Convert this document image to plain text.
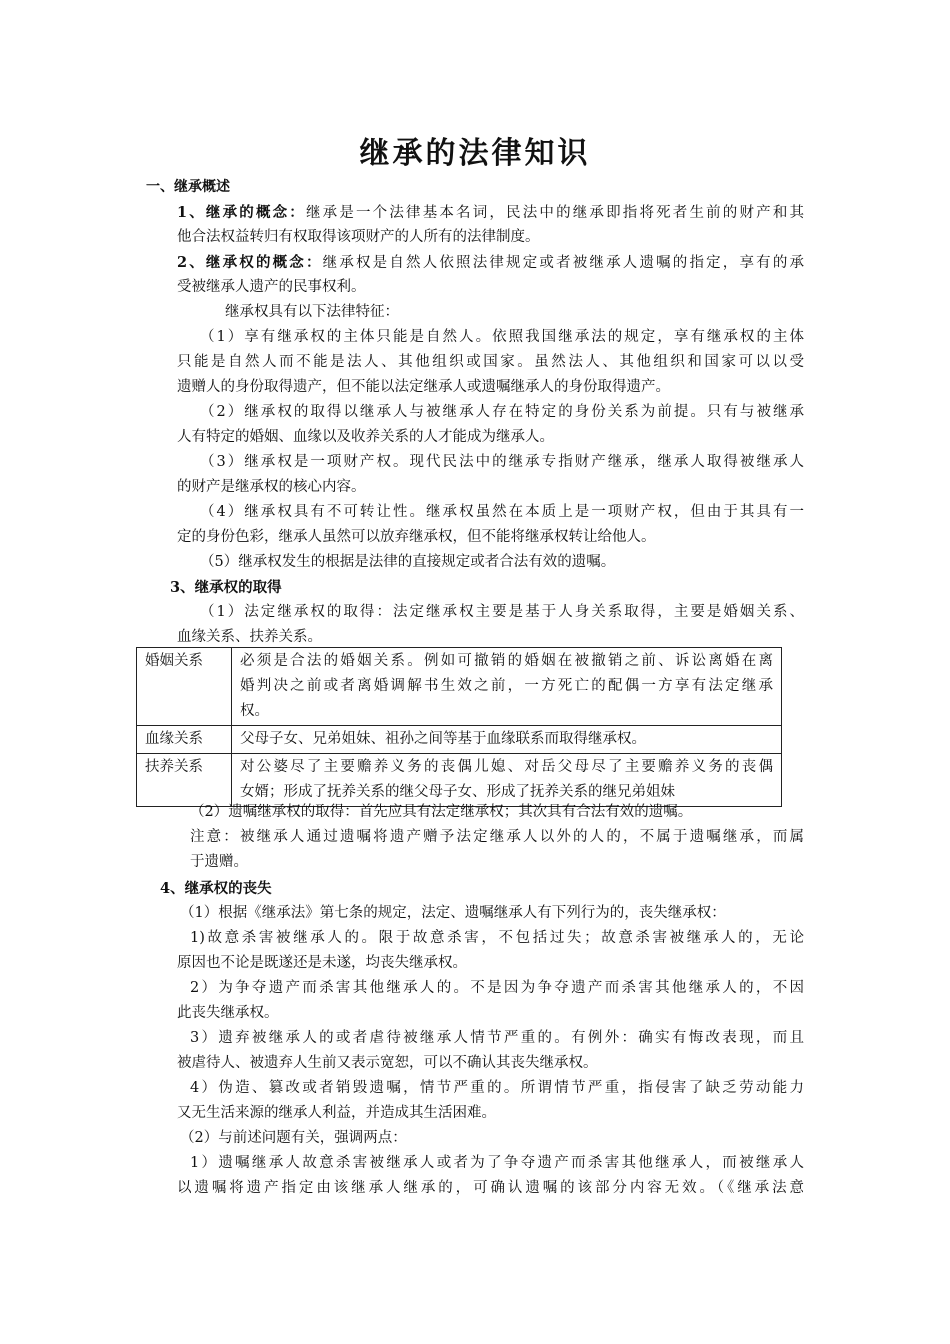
继承的法律知识

一、继承概述

1、继承的概念：继承是一个法律基本名词，民法中的继承即指将死者生前的财产和其

他合法权益转归有权取得该项财产的人所有的法律制度。

2、继承权的概念：继承权是自然人依照法律规定或者被继承人遗嘱的指定，享有的承

受被继承人遗产的民事权利。

继承权具有以下法律特征：

（1）享有继承权的主体只能是自然人。依照我国继承法的规定，享有继承权的主体

只能是自然人而不能是法人、其他组织或国家。虽然法人、其他组织和国家可以以受

遗赠人的身份取得遗产，但不能以法定继承人或遗嘱继承人的身份取得遗产。

（2）继承权的取得以继承人与被继承人存在特定的身份关系为前提。只有与被继承

人有特定的婚姻、血缘以及收养关系的人才能成为继承人。

（3）继承权是一项财产权。现代民法中的继承专指财产继承，继承人取得被继承人

的财产是继承权的核心内容。

（4）继承权具有不可转让性。继承权虽然在本质上是一项财产权，但由于其具有一

定的身份色彩，继承人虽然可以放弃继承权，但不能将继承权转让给他人。

（5）继承权发生的根据是法律的直接规定或者合法有效的遗嘱。

3、继承权的取得

（1）法定继承权的取得：法定继承权主要是基于人身关系取得，主要是婚姻关系、

血缘关系、扶养关系。

婚姻关系	必须是合法的婚姻关系。例如可撤销的婚姻在被撤销之前、诉讼离婚在离
婚判决之前或者离婚调解书生效之前，一方死亡的配偶一方享有法定继承
权。

血缘关系	父母子女、兄弟姐妹、祖孙之间等基于血缘联系而取得继承权。

扶养关系	对公婆尽了主要赡养义务的丧偶儿媳、对岳父母尽了主要赡养义务的丧偶
女婿；形成了抚养关系的继父母子女、形成了抚养关系的继兄弟姐妹

（2）遗嘱继承权的取得：首先应具有法定继承权；其次具有合法有效的遗嘱。

注意：被继承人通过遗嘱将遗产赠予法定继承人以外的人的，不属于遗嘱继承，而属

于遗赠。

4、继承权的丧失

（1）根据《继承法》第七条的规定，法定、遗嘱继承人有下列行为的，丧失继承权：

1)故意杀害被继承人的。限于故意杀害，不包括过失；故意杀害被继承人的，无论

原因也不论是既遂还是未遂，均丧失继承权。

2）为争夺遗产而杀害其他继承人的。不是因为争夺遗产而杀害其他继承人的，不因

此丧失继承权。

3）遗弃被继承人的或者虐待被继承人情节严重的。有例外：确实有悔改表现，而且

被虐待人、被遗弃人生前又表示宽恕，可以不确认其丧失继承权。

4）伪造、篡改或者销毁遗嘱，情节严重的。所谓情节严重，指侵害了缺乏劳动能力

又无生活来源的继承人利益，并造成其生活困难。

（2）与前述问题有关，强调两点：

1）遗嘱继承人故意杀害被继承人或者为了争夺遗产而杀害其他继承人，而被继承人

以遗嘱将遗产指定由该继承人继承的，可确认遗嘱的该部分内容无效。（《继承法意
